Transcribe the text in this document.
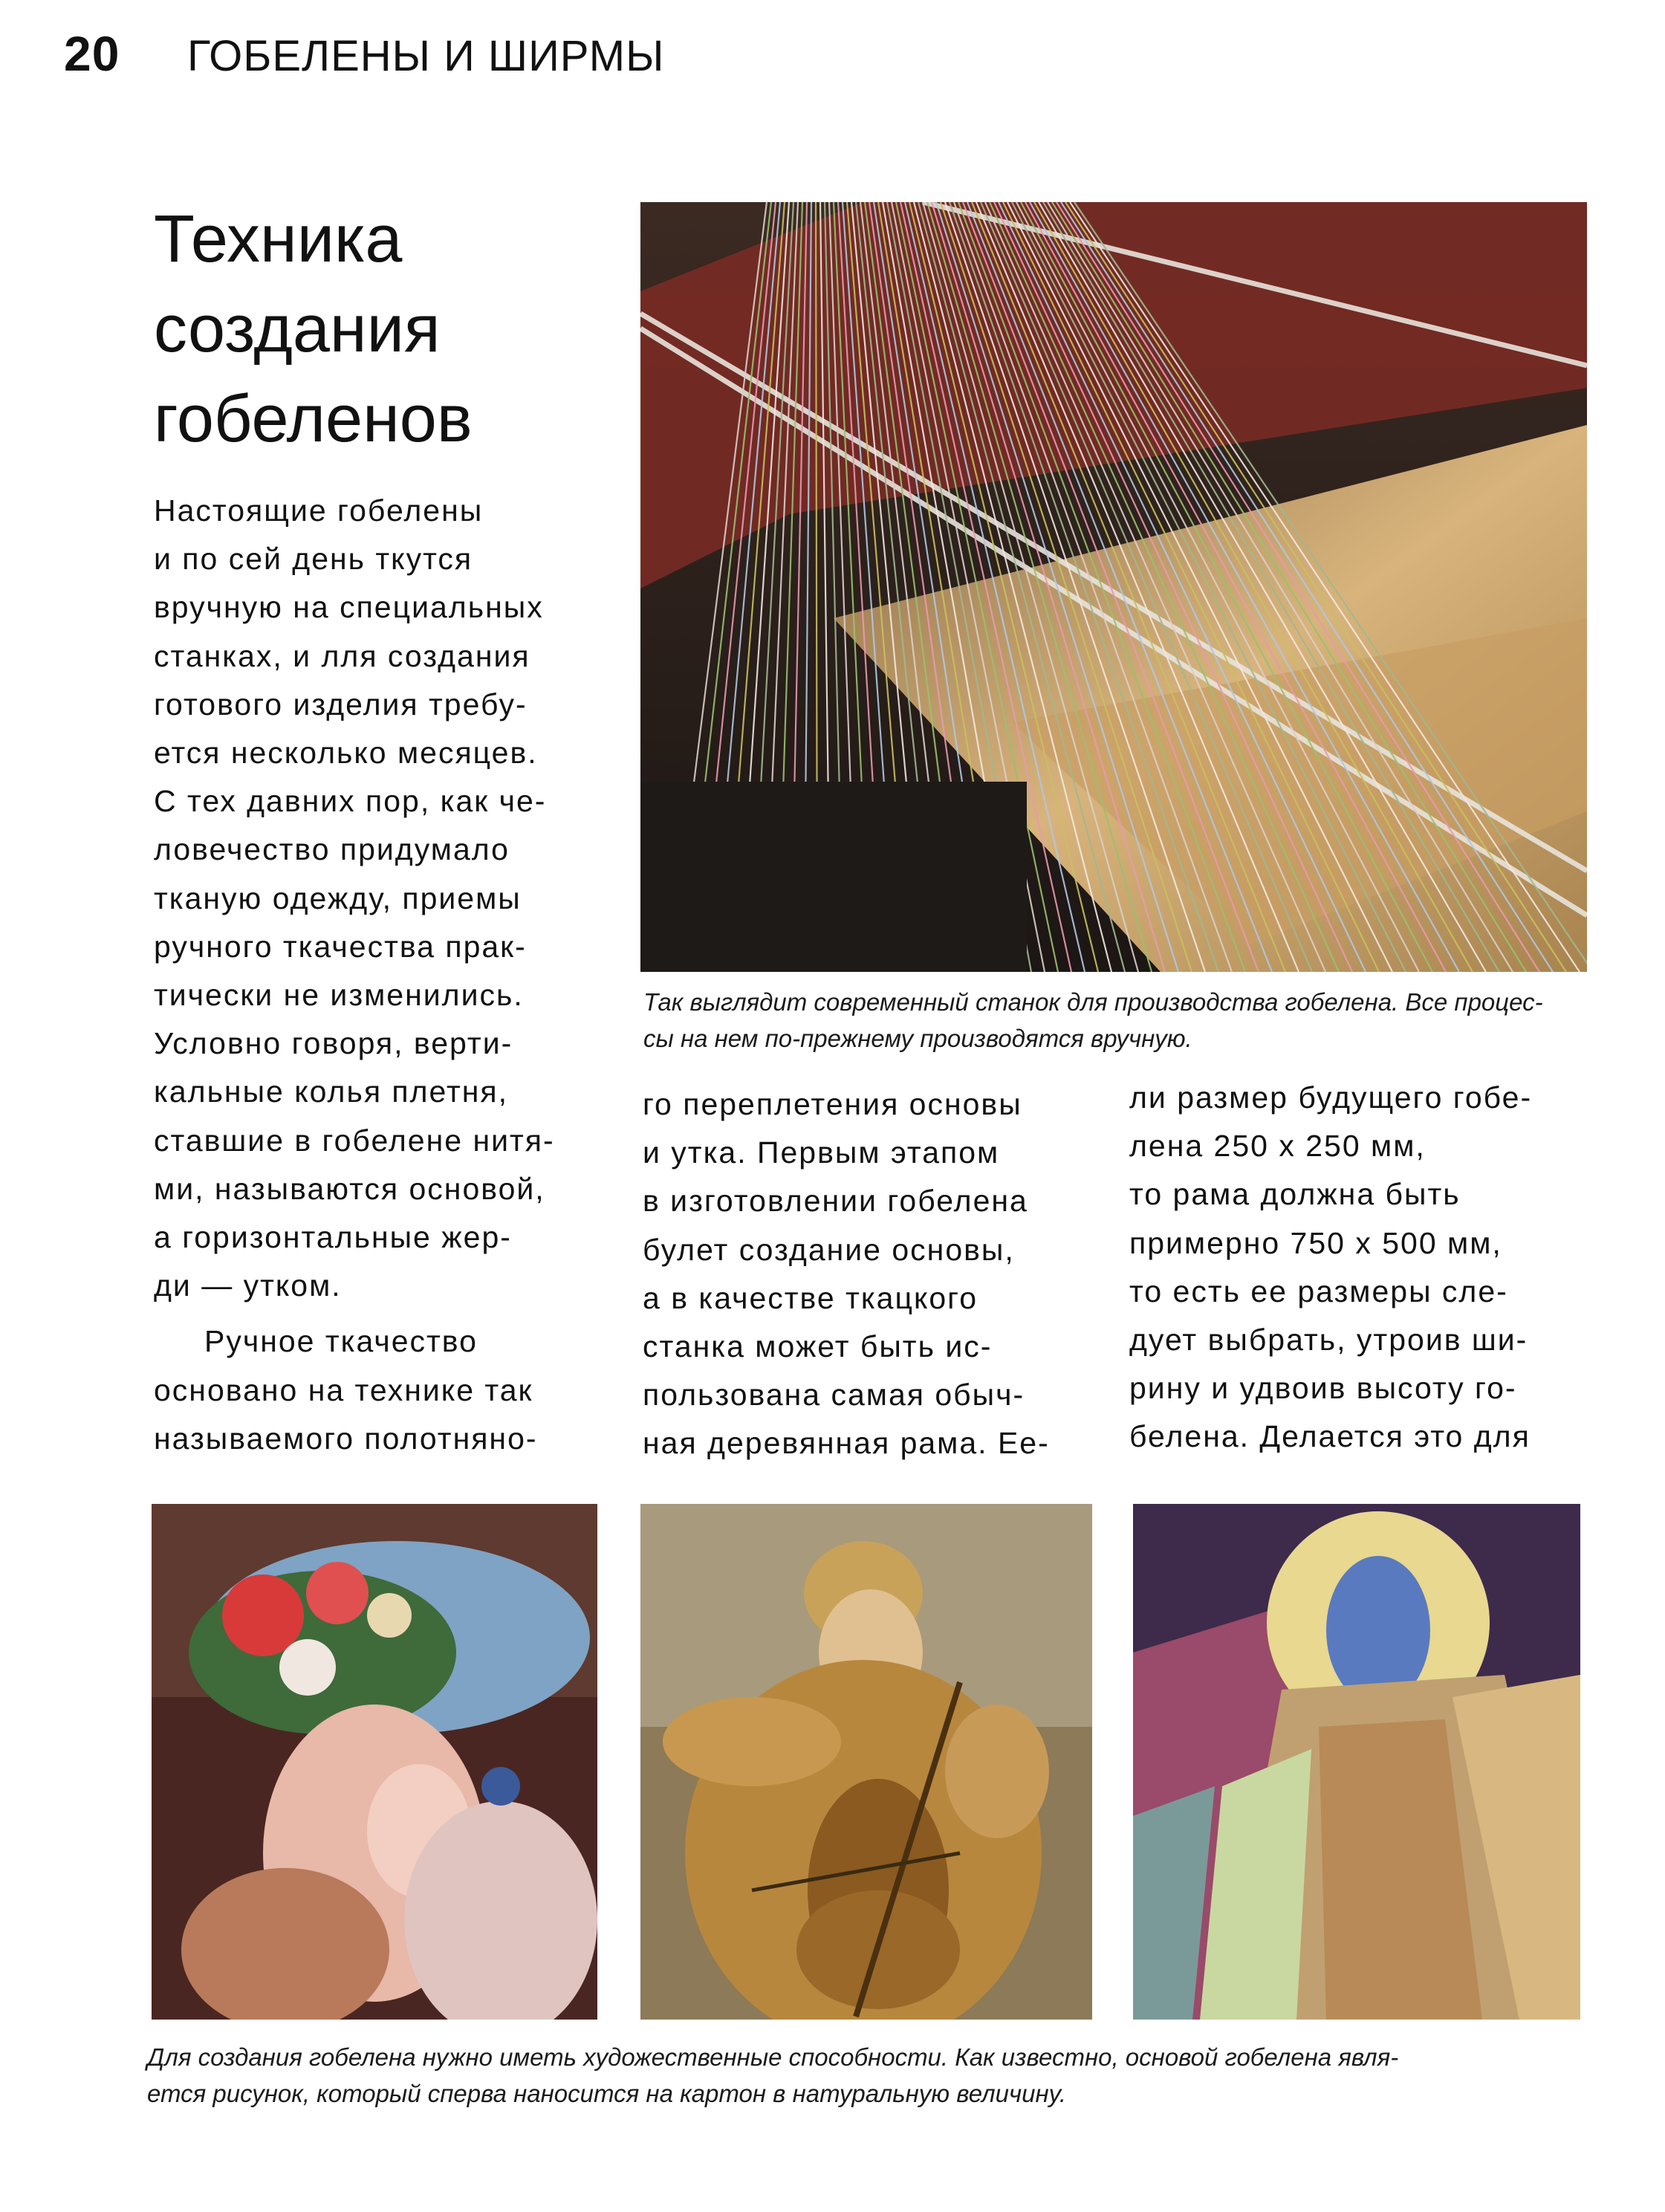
20 ГОБЕЛЕНЫ И ШИРМЫ
Техника
создания
гобеленов

Настоящие гобелены
и по сей день ткутся
вручную на специальных
станках, и лля создания
готового изделия требу-
ется несколько месяцев.
С тех давних пор, как че-
ловечество придумало
тканую одежду, приемы
ручного ткачества прак-
тически не изменились.
Условно говоря, верти-
кальные колья плетня,
ставшие в гобелене нитя-
ми, называются основой,
а горизонтальные жер-
ди — утком.

Ручное ткачество
основано на технике так
называемого полотняно-

го переплетения основы
и утка. Первым этапом
в изготовлении гобелена
булет создание основы,
а в качестве ткацкого
станка может быть ис-
пользована самая обыч-
ная деревянная рама. Ее-
ли размер будущего гобе-
лена 250 х 250 мм,
то рама должна быть
примерно 750 х 500 мм,
то есть ее размеры сле-
дует выбрать, утроив ши-
рину и удвоив высоту го-
белена. Делается это для
Так выглядит современный станок для производства гобелена. Все процес-
сы на нем по-прежнему производятся вручную.
Для создания гобелена нужно иметь художественные способности. Как известно, основой гобелена явля-
ется рисунок, который сперва наносится на картон в натуральную величину.
